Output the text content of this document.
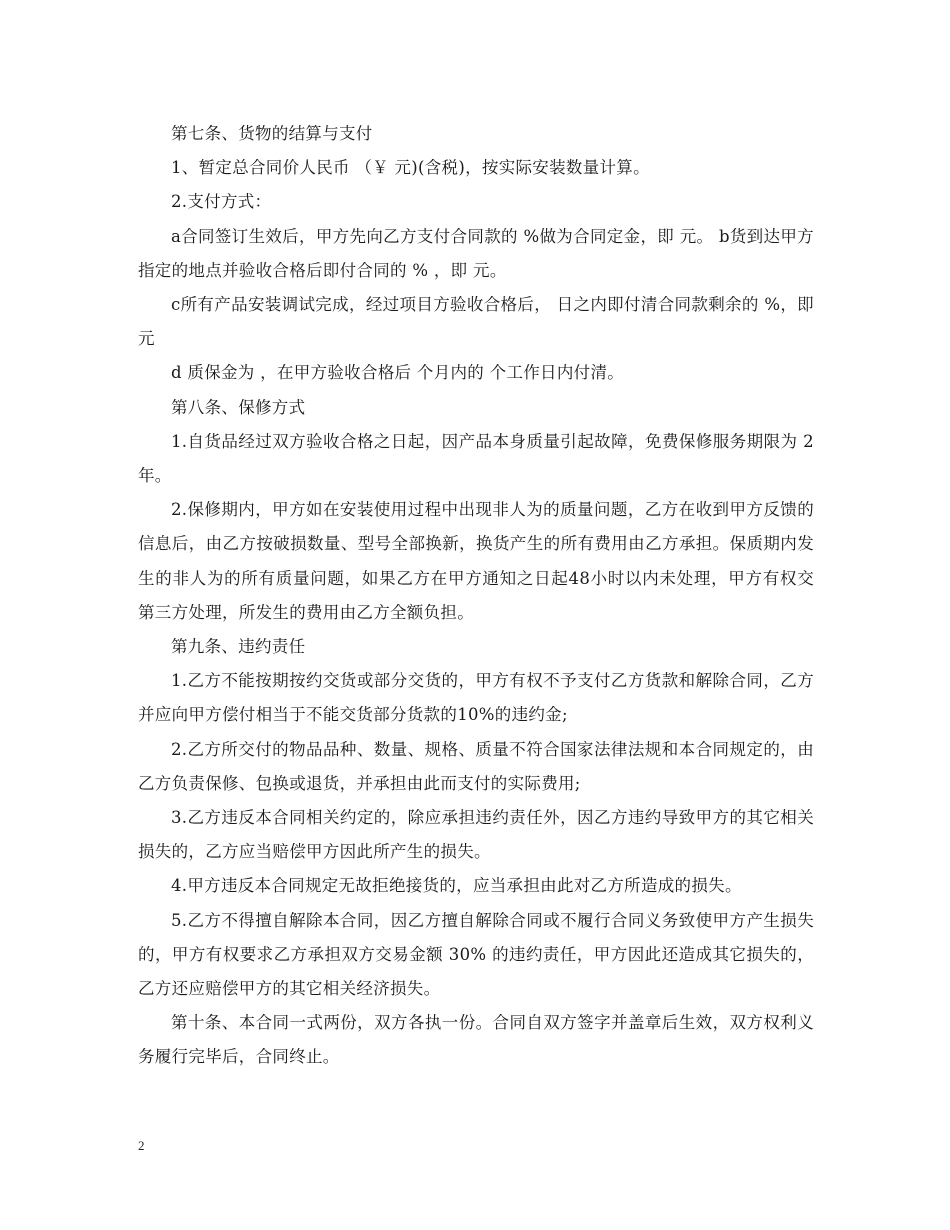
第七条、货物的结算与支付

1、暂定总合同价人民币 （￥ 元)(含税)，按实际安装数量计算。

2.支付方式：

a合同签订生效后，甲方先向乙方支付合同款的 %做为合同定金，即 元。 b货到达甲方指定的地点并验收合格后即付合同的 % ，即 元。

c所有产品安装调试完成，经过项目方验收合格后， 日之内即付清合同款剩余的 %，即 元

d 质保金为 ，在甲方验收合格后 个月内的 个工作日内付清。

第八条、保修方式

1.自货品经过双方验收合格之日起，因产品本身质量引起故障，免费保修服务期限为 2 年。

2.保修期内，甲方如在安装使用过程中出现非人为的质量问题，乙方在收到甲方反馈的信息后，由乙方按破损数量、型号全部换新，换货产生的所有费用由乙方承担。保质期内发生的非人为的所有质量问题，如果乙方在甲方通知之日起48小时以内未处理，甲方有权交第三方处理，所发生的费用由乙方全额负担。

第九条、违约责任

1.乙方不能按期按约交货或部分交货的，甲方有权不予支付乙方货款和解除合同，乙方并应向甲方偿付相当于不能交货部分货款的10%的违约金;

2.乙方所交付的物品品种、数量、规格、质量不符合国家法律法规和本合同规定的，由乙方负责保修、包换或退货，并承担由此而支付的实际费用;

3.乙方违反本合同相关约定的，除应承担违约责任外，因乙方违约导致甲方的其它相关损失的，乙方应当赔偿甲方因此所产生的损失。

4.甲方违反本合同规定无故拒绝接货的，应当承担由此对乙方所造成的损失。

5.乙方不得擅自解除本合同，因乙方擅自解除合同或不履行合同义务致使甲方产生损失的，甲方有权要求乙方承担双方交易金额 30% 的违约责任，甲方因此还造成其它损失的，乙方还应赔偿甲方的其它相关经济损失。

第十条、本合同一式两份，双方各执一份。合同自双方签字并盖章后生效，双方权利义务履行完毕后，合同终止。

2
